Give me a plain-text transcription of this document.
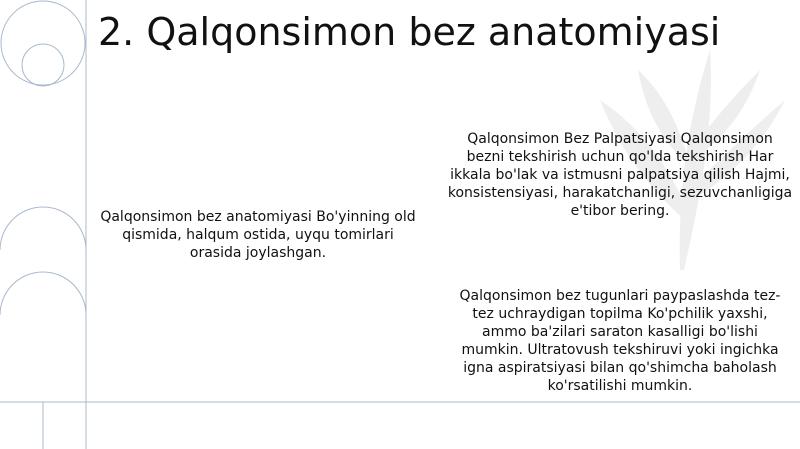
2. Qalqonsimon bez anatomiyasi
Qalqonsimon bez anatomiyasi Bo'yinning old qismida, halqum ostida, uyqu tomirlari orasida joylashgan.
Qalqonsimon Bez Palpatsiyasi Qalqonsimon bezni tekshirish uchun qo'lda tekshirish Har ikkala bo'lak va istmusni palpatsiya qilish Hajmi, konsistensiyasi, harakatchanligi, sezuvchanligiga e'tibor bering.
Qalqonsimon bez tugunlari paypaslashda tez-tez uchraydigan topilma Ko'pchilik yaxshi, ammo ba'zilari saraton kasalligi bo'lishi mumkin. Ultratovush tekshiruvi yoki ingichka igna aspiratsiyasi bilan qo'shimcha baholash ko'rsatilishi mumkin.
